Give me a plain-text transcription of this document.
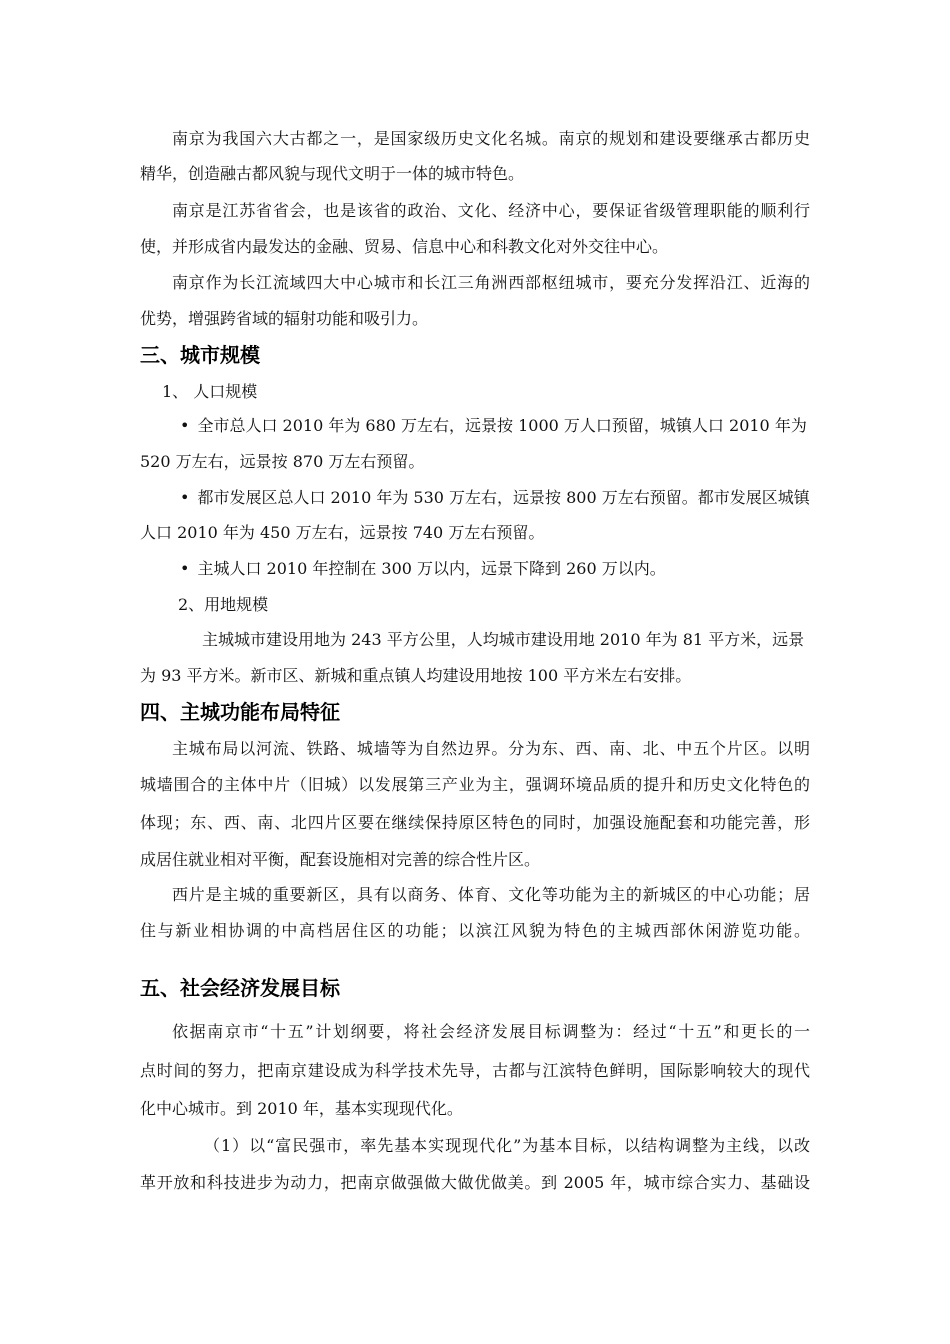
南京为我国六大古都之一，是国家级历史文化名城。南京的规划和建设要继承古都历史
精华，创造融古都风貌与现代文明于一体的城市特色。
南京是江苏省省会，也是该省的政治、文化、经济中心，要保证省级管理职能的顺利行
使，并形成省内最发达的金融、贸易、信息中心和科教文化对外交往中心。
南京作为长江流域四大中心城市和长江三角洲西部枢纽城市，要充分发挥沿江、近海的
优势，增强跨省域的辐射功能和吸引力。
三、城市规模
1、 人口规模
• 全市总人口 2010 年为 680 万左右，远景按 1000 万人口预留，城镇人口 2010 年为
520 万左右，远景按 870 万左右预留。
• 都市发展区总人口 2010 年为 530 万左右，远景按 800 万左右预留。都市发展区城镇
人口 2010 年为 450 万左右，远景按 740 万左右预留。
• 主城人口 2010 年控制在 300 万以内，远景下降到 260 万以内。
2、用地规模
主城城市建设用地为 243 平方公里，人均城市建设用地 2010 年为 81 平方米，远景
为 93 平方米。新市区、新城和重点镇人均建设用地按 100 平方米左右安排。
四、主城功能布局特征
主城布局以河流、铁路、城墙等为自然边界。分为东、西、南、北、中五个片区。以明
城墙围合的主体中片（旧城）以发展第三产业为主，强调环境品质的提升和历史文化特色的
体现；东、西、南、北四片区要在继续保持原区特色的同时，加强设施配套和功能完善，形
成居住就业相对平衡，配套设施相对完善的综合性片区。
西片是主城的重要新区，具有以商务、体育、文化等功能为主的新城区的中心功能；居
住与新业相协调的中高档居住区的功能；以滨江风貌为特色的主城西部休闲游览功能。
五、社会经济发展目标
依据南京市“十五”计划纲要，将社会经济发展目标调整为：经过“十五”和更长的一
点时间的努力，把南京建设成为科学技术先导，古都与江滨特色鲜明，国际影响较大的现代
化中心城市。到 2010 年，基本实现现代化。
（1）以“富民强市，率先基本实现现代化”为基本目标，以结构调整为主线，以改
革开放和科技进步为动力，把南京做强做大做优做美。到 2005 年，城市综合实力、基础设
